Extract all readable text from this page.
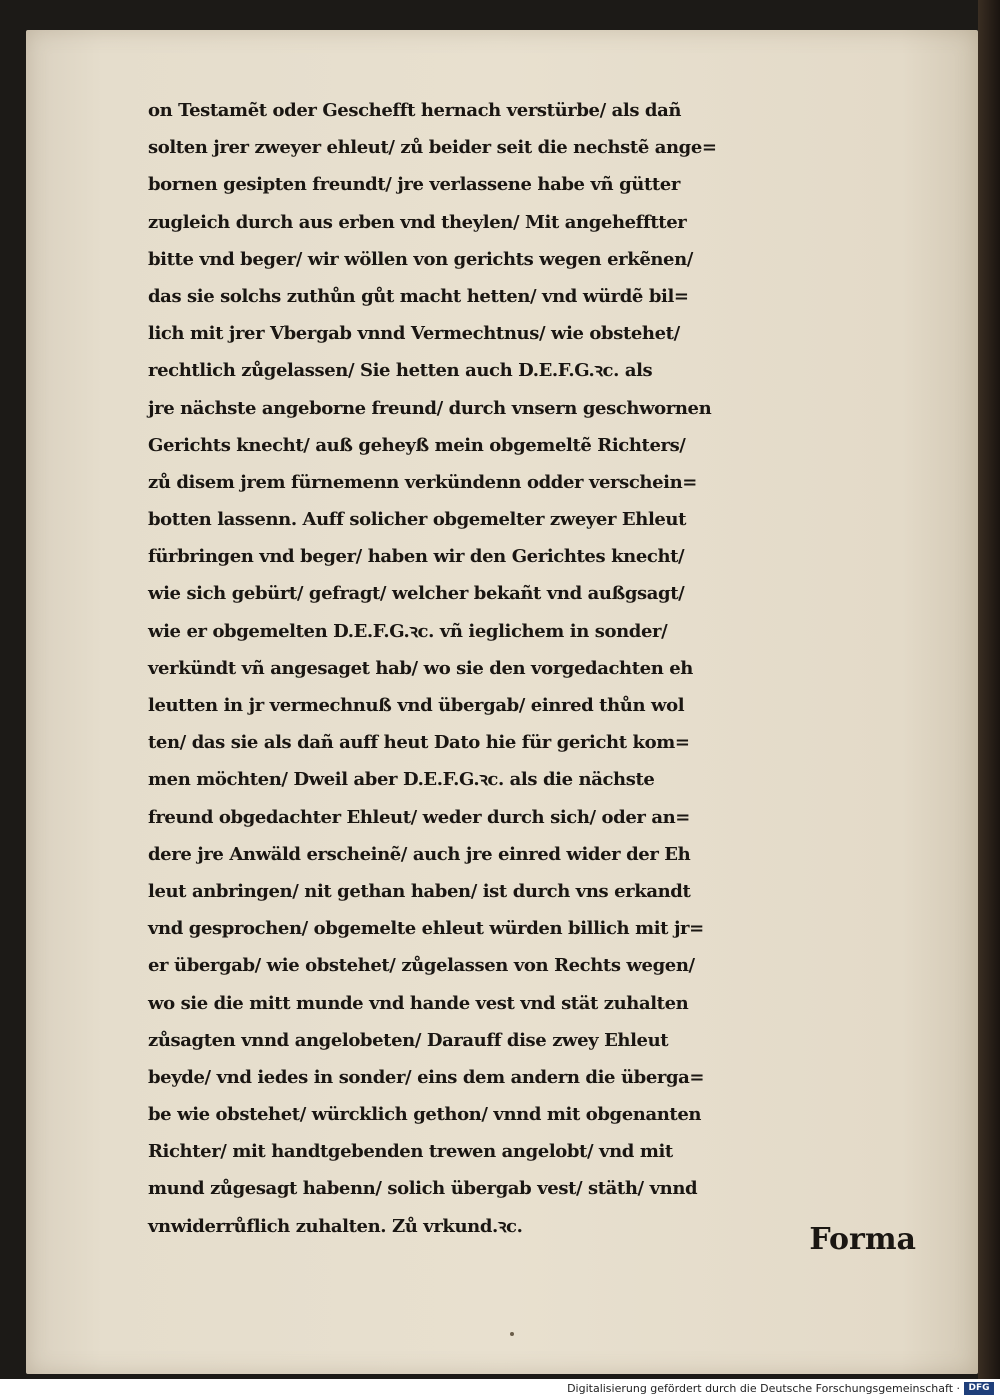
on Testamẽt oder Geschefft hernach verstürbe/ als dañ
solten jrer zweyer ehleut/ zů beider seit die nechstẽ ange=
bornen gesipten freundt/ jre verlassene habe vñ gütter
zugleich durch aus erben vnd theylen/ Mit angehefftter
bitte vnd beger/ wir wöllen von gerichts wegen erkẽnen/
das sie solchs zuthůn gůt macht hetten/ vnd würdẽ bil=
lich mit jrer Vbergab vnnd Vermechtnus/ wie obstehet/
rechtlich zůgelassen/ Sie hetten auch D.E.F.G.ꝛc. als
jre nächste angeborne freund/ durch vnsern geschwornen
Gerichts knecht/ auß geheyß mein obgemeltẽ Richters/
zů disem jrem fürnemenn verkündenn odder verschein=
botten lassenn. Auff solicher obgemelter zweyer Ehleut
fürbringen vnd beger/ haben wir den Gerichtes knecht/
wie sich gebürt/ gefragt/ welcher bekañt vnd außgsagt/
wie er obgemelten D.E.F.G.ꝛc. vñ ieglichem in sonder/
verkündt vñ angesaget hab/ wo sie den vorgedachten eh
leutten in jr vermechnuß vnd übergab/ einred thůn wol
ten/ das sie als dañ auff heut Dato hie für gericht kom=
men möchten/ Dweil aber D.E.F.G.ꝛc. als die nächste
freund obgedachter Ehleut/ weder durch sich/ oder an=
dere jre Anwäld erscheinẽ/ auch jre einred wider der Eh
leut anbringen/ nit gethan haben/ ist durch vns erkandt
vnd gesprochen/ obgemelte ehleut würden billich mit jr=
er übergab/ wie obstehet/ zůgelassen von Rechts wegen/
wo sie die mitt munde vnd hande vest vnd stät zuhalten
zůsagten vnnd angelobeten/ Darauff dise zwey Ehleut
beyde/ vnd iedes in sonder/ eins dem andern die überga=
be wie obstehet/ würcklich gethon/ vnnd mit obgenanten
Richter/ mit handtgebenden trewen angelobt/ vnd mit
mund zůgesagt habenn/ solich übergab vest/ stäth/ vnnd
vnwiderrůflich zuhalten. Zů vrkund.ꝛc.	Forma
Digitalisierung gefördert durch die Deutsche Forschungsgemeinschaft · DFG
